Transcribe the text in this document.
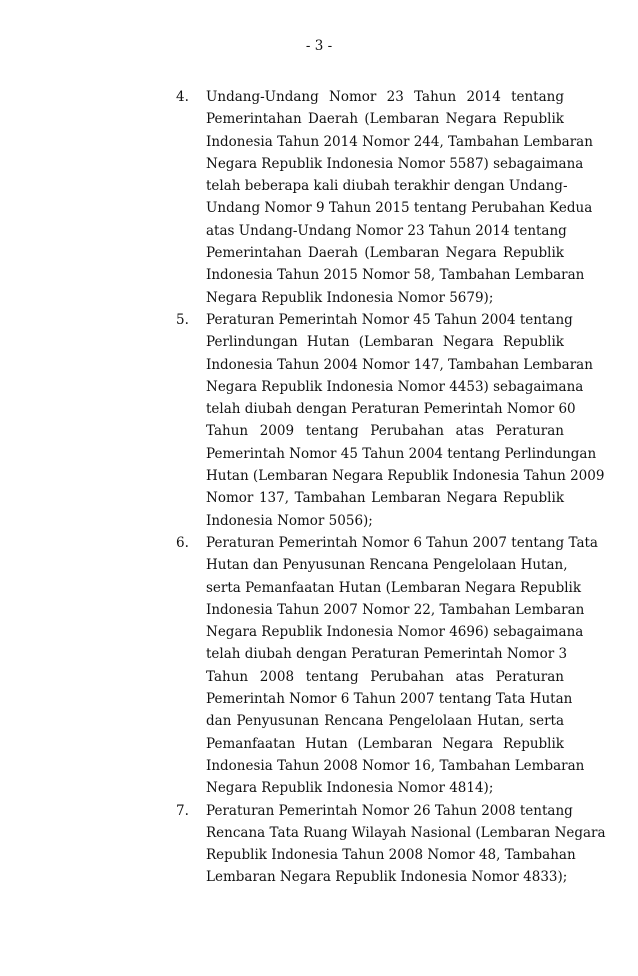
- 3 -
4.	Undang-Undang Nomor 23 Tahun 2014 tentang
Pemerintahan Daerah (Lembaran Negara Republik
Indonesia Tahun 2014 Nomor 244, Tambahan Lembaran
Negara Republik Indonesia Nomor 5587) sebagaimana
telah beberapa kali diubah terakhir dengan Undang-
Undang Nomor 9 Tahun 2015 tentang Perubahan Kedua
atas Undang-Undang Nomor 23 Tahun 2014 tentang
Pemerintahan Daerah (Lembaran Negara Republik
Indonesia Tahun 2015 Nomor 58, Tambahan Lembaran
Negara Republik Indonesia Nomor 5679);
5.	Peraturan Pemerintah Nomor 45 Tahun 2004 tentang
Perlindungan Hutan (Lembaran Negara Republik
Indonesia Tahun 2004 Nomor 147, Tambahan Lembaran
Negara Republik Indonesia Nomor 4453) sebagaimana
telah diubah dengan Peraturan Pemerintah Nomor 60
Tahun 2009 tentang Perubahan atas Peraturan
Pemerintah Nomor 45 Tahun 2004 tentang Perlindungan
Hutan (Lembaran Negara Republik Indonesia Tahun 2009
Nomor 137, Tambahan Lembaran Negara Republik
Indonesia Nomor 5056);
6.	Peraturan Pemerintah Nomor 6 Tahun 2007 tentang Tata
Hutan dan Penyusunan Rencana Pengelolaan Hutan,
serta Pemanfaatan Hutan (Lembaran Negara Republik
Indonesia Tahun 2007 Nomor 22, Tambahan Lembaran
Negara Republik Indonesia Nomor 4696) sebagaimana
telah diubah dengan Peraturan Pemerintah Nomor 3
Tahun 2008 tentang Perubahan atas Peraturan
Pemerintah Nomor 6 Tahun 2007 tentang Tata Hutan
dan Penyusunan Rencana Pengelolaan Hutan, serta
Pemanfaatan Hutan (Lembaran Negara Republik
Indonesia Tahun 2008 Nomor 16, Tambahan Lembaran
Negara Republik Indonesia Nomor 4814);
7.	Peraturan Pemerintah Nomor 26 Tahun 2008 tentang
Rencana Tata Ruang Wilayah Nasional (Lembaran Negara
Republik Indonesia Tahun 2008 Nomor 48, Tambahan
Lembaran Negara Republik Indonesia Nomor 4833);
